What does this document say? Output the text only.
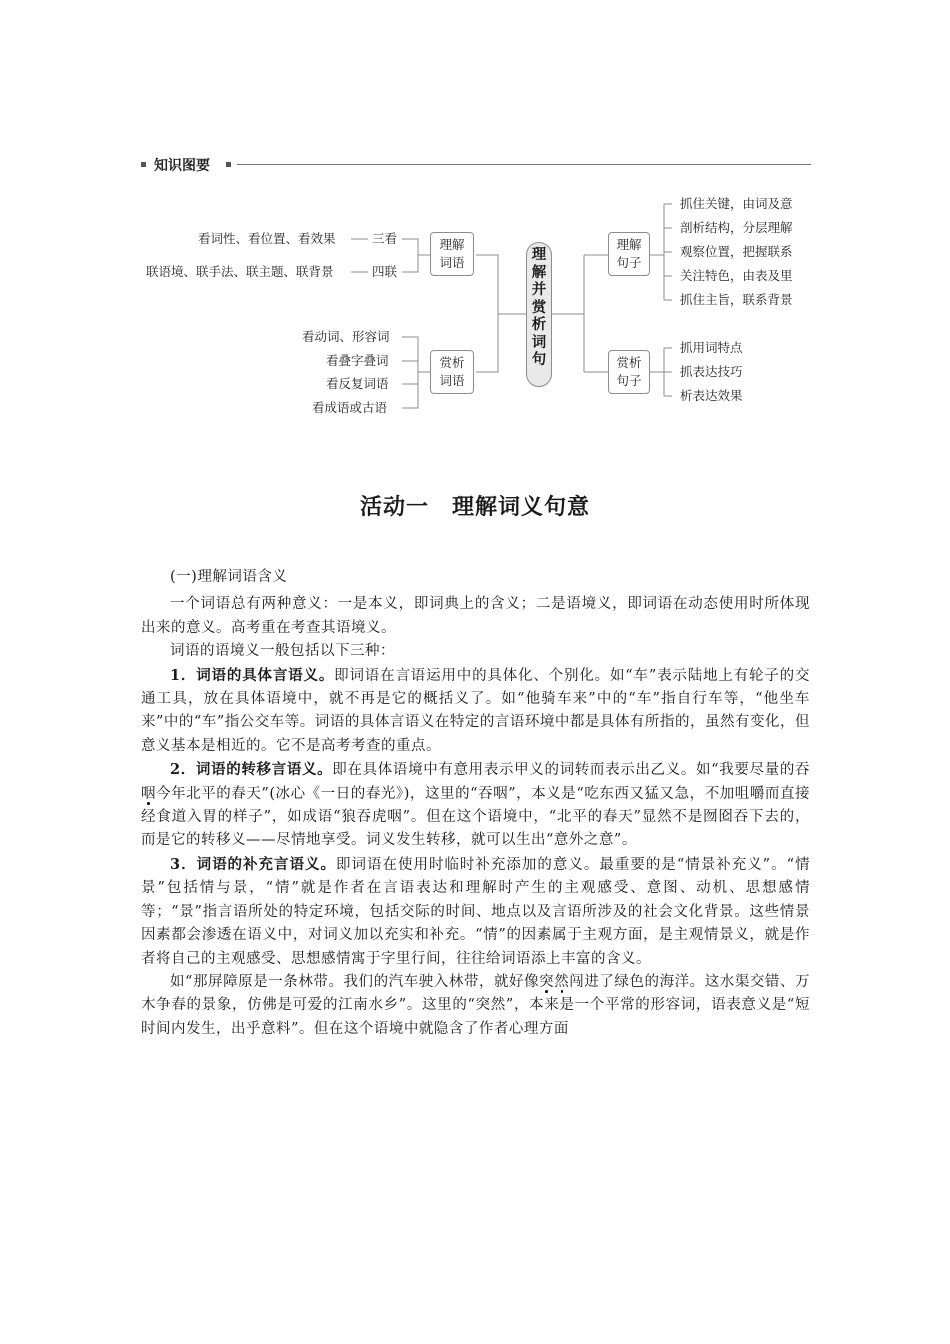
知识图要
看词性、看位置、看效果	三看
联语境、联手法、联主题、联背景	四联
理解
词语
看动词、形容词
看叠字叠词
看反复词语
看成语或古语
赏析
词语
理
解
并
赏
析
词
句
理解
句子
抓住关键，由词及意
剖析结构，分层理解
观察位置，把握联系
关注特色，由表及里
抓住主旨，联系背景
赏析
句子
抓用词特点
抓表达技巧
析表达效果
活动一　理解词义句意

(一)理解词语含义

一个词语总有两种意义：一是本义，即词典上的含义；二是语境义，即词语在动态使用时所体现出来的意义。高考重在考查其语境义。

词语的语境义一般包括以下三种：

1．词语的具体言语义。即词语在言语运用中的具体化、个别化。如“车”表示陆地上有轮子的交通工具，放在具体语境中，就不再是它的概括义了。如“他骑车来”中的“车”指自行车等，“他坐车来”中的“车”指公交车等。词语的具体言语义在特定的言语环境中都是具体有所指的，虽然有变化，但意义基本是相近的。它不是高考考查的重点。

2．词语的转移言语义。即在具体语境中有意用表示甲义的词转而表示出乙义。如“我要尽量的吞咽今年北平的春天”(冰心《一日的春光》)，这里的“吞咽”，本义是“吃东西又猛又急，不加咀嚼而直接经食道入胃的样子”，如成语“狼吞虎咽”。但在这个语境中，“北平的春天”显然不是囫囵吞下去的，而是它的转移义——尽情地享受。词义发生转移，就可以生出“意外之意”。

3．词语的补充言语义。即词语在使用时临时补充添加的意义。最重要的是“情景补充义”。“情景”包括情与景，“情”就是作者在言语表达和理解时产生的主观感受、意图、动机、思想感情等；“景”指言语所处的特定环境，包括交际的时间、地点以及言语所涉及的社会文化背景。这些情景因素都会渗透在语义中，对词义加以充实和补充。“情”的因素属于主观方面，是主观情景义，就是作者将自己的主观感受、思想感情寓于字里行间，往往给词语添上丰富的含义。

如“那屏障原是一条林带。我们的汽车驶入林带，就好像突然闯进了绿色的海洋。这水渠交错、万木争春的景象，仿佛是可爱的江南水乡”。这里的“突然”，本来是一个平常的形容词，语表意义是“短时间内发生，出乎意料”。但在这个语境中就隐含了作者心理方面
